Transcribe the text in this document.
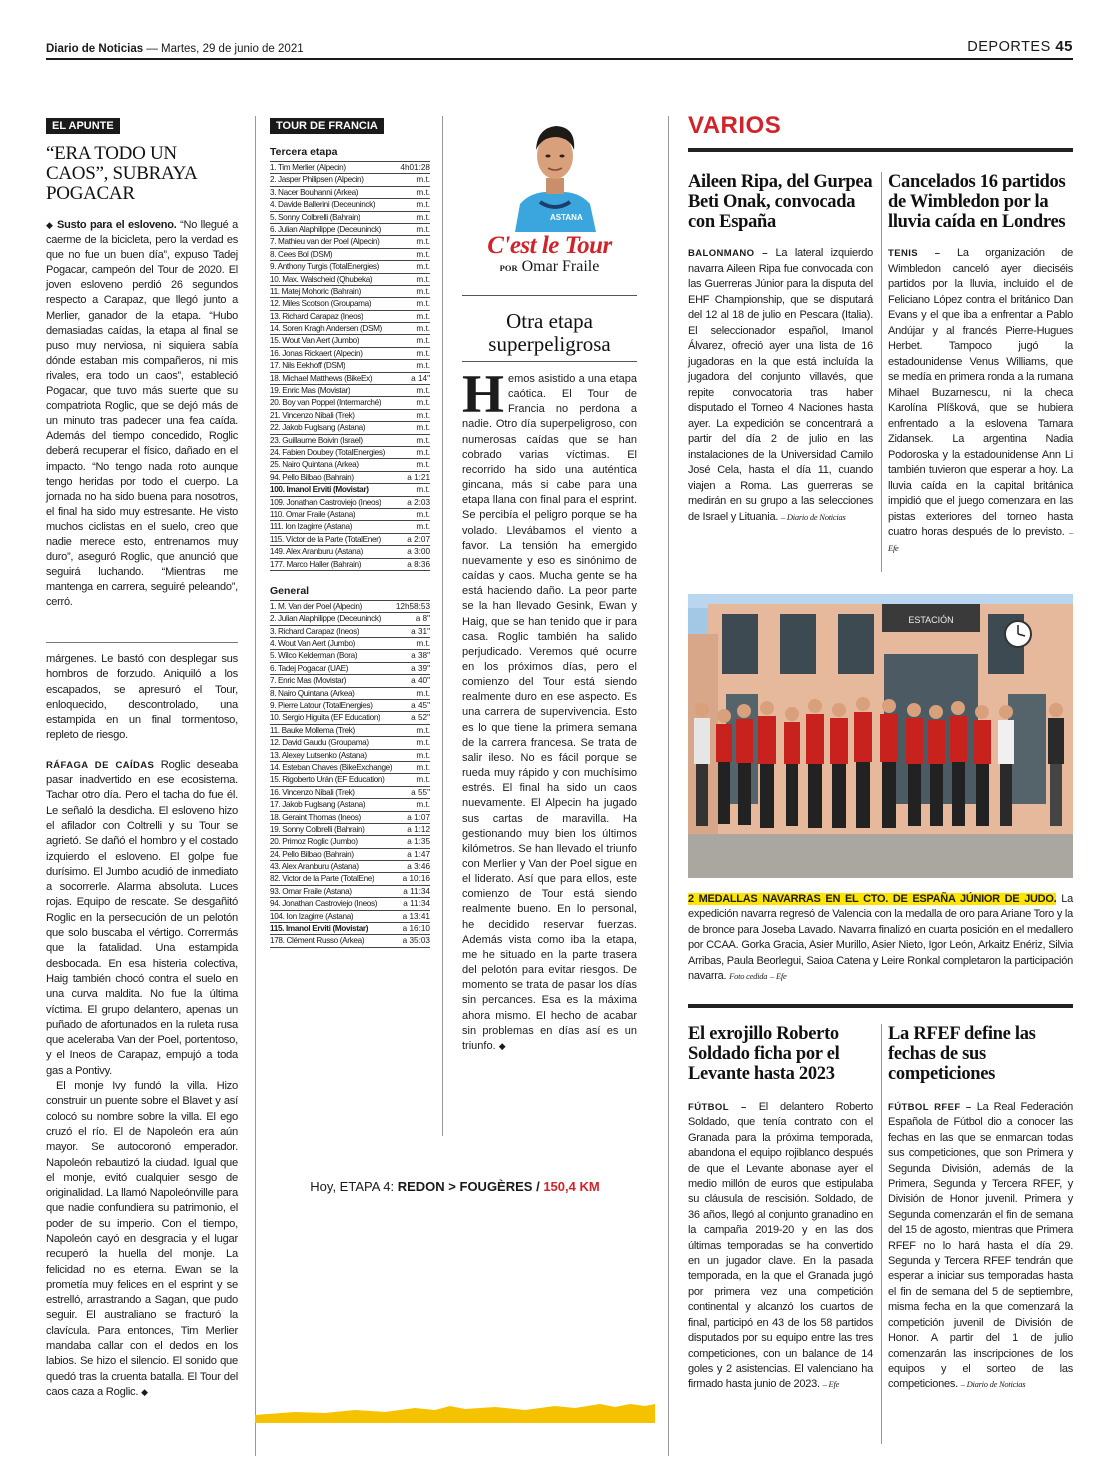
Diario de Noticias — Martes, 29 de junio de 2021	DEPORTES 45
EL APUNTE
“ERA TODO UN CAOS”, SUBRAYA POGACAR

◆ Susto para el esloveno. “No llegué a caerme de la bicicleta, pero la verdad es que no fue un buen día”, expuso Tadej Pogacar, campeón del Tour de 2020. El joven esloveno perdió 26 segundos respecto a Carapaz, que llegó junto a Merlier, ganador de la etapa. “Hubo demasiadas caídas, la etapa al final se puso muy nerviosa, ni siquiera sabía dónde estaban mis compañeros, ni mis rivales, era todo un caos”, estableció Pogacar, que tuvo más suerte que su compatriota Roglic, que se dejó más de un minuto tras padecer una fea caída. Además del tiempo concedido, Roglic deberá recuperar el físico, dañado en el impacto. “No tengo nada roto aunque tengo heridas por todo el cuerpo. La jornada no ha sido buena para nosotros, el final ha sido muy estresante. He visto muchos ciclistas en el suelo, creo que nadie merece esto, entrenamos muy duro”, aseguró Roglic, que anunció que seguirá luchando. “Mientras me mantenga en carrera, seguiré peleando”, cerró.

márgenes. Le bastó con desplegar sus hombros de forzudo. Aniquiló a los escapados, se apresuró el Tour, enloquecido, descontrolado, una estampida en un final tormentoso, repleto de riesgo.

RÁFAGA DE CAÍDAS Roglic deseaba pasar inadvertido en ese ecosistema. Tachar otro día. Pero el tacha do fue él. Le señaló la desdicha. El esloveno hizo el afilador con Coltrelli y su Tour se agrietó. Se dañó el hombro y el costado izquierdo el esloveno. El golpe fue durísimo. El Jumbo acudió de inmediato a socorrerle. Alarma absoluta. Luces rojas. Equipo de rescate. Se desgañitó Roglic en la persecución de un pelotón que solo buscaba el vértigo. Corrermás que la fatalidad. Una estampida desbocada. En esa histeria colectiva, Haig también chocó contra el suelo en una curva maldita. No fue la última víctima. El grupo delantero, apenas un puñado de afortunados en la ruleta rusa que aceleraba Van der Poel, portentoso, y el Ineos de Carapaz, empujó a toda gas a Pontivy.

El monje Ivy fundó la villa. Hizo construir un puente sobre el Blavet y así colocó su nombre sobre la villa. El ego cruzó el río. El de Napoleón era aún mayor. Se autocoronó emperador. Napoleón rebautizó la ciudad. Igual que el monje, evitó cualquier sesgo de originalidad. La llamó Napoleónville para que nadie confundiera su patrimonio, el poder de su imperio. Con el tiempo, Napoleón cayó en desgracia y el lugar recuperó la huella del monje. La felicidad no es eterna. Ewan se la prometía muy felices en el esprint y se estrelló, arrastrando a Sagan, que pudo seguir. El australiano se fracturó la clavícula. Para entonces, Tim Merlier mandaba callar con el dedos en los labios. Se hizo el silencio. El sonido que quedó tras la cruenta batalla. El Tour del caos caza a Roglic. ◆

TOUR DE FRANCIA
Tercera etapa
1. Tim Merlier (Alpecin)	4h01:28
2. Jasper Philipsen (Alpecin)	m.t.
3. Nacer Bouhanni (Arkea)	m.t.
4. Davide Ballerini (Deceuninck)	m.t.
5. Sonny Colbrelli (Bahrain)	m.t.
6. Julian Alaphilippe (Deceuninck)	m.t.
7. Mathieu van der Poel (Alpecin)	m.t.
8. Cees Bol (DSM)	m.t.
9. Anthony Turgis (TotalEnergies)	m.t.
10. Max. Walscheid (Qhubeka)	m.t.
11. Matej Mohoric (Bahrain)	m.t.
12. Miles Scotson (Groupama)	m.t.
13. Richard Carapaz (Ineos)	m.t.
14. Soren Kragh Andersen (DSM)	m.t.
15. Wout Van Aert (Jumbo)	m.t.
16. Jonas Rickaert (Alpecin)	m.t.
17. Nils Eekhoff (DSM)	m.t.
18. Michael Matthews (BikeEx)	a 14"
19. Enric Mas (Movistar)	m.t.
20. Boy van Poppel (Intermarché)	m.t.
21. Vincenzo Nibali (Trek)	m.t.
22. Jakob Fuglsang (Astana)	m.t.
23. Guillaume Boivin (Israel)	m.t.
24. Fabien Doubey (TotalEnergies)	m.t.
25. Nairo Quintana (Arkea)	m.t.
94. Pello Bilbao (Bahrain)	a 1:21
100. Imanol Erviti (Movistar)	m.t.
109. Jonathan Castroviejo (Ineos)	a 2:03
110. Omar Fraile (Astana)	m.t.
111. Ion Izagirre (Astana)	m.t.
115. Víctor de la Parte (TotalEner)	a 2:07
149. Alex Aranburu (Astana)	a 3:00
177. Marco Haller (Bahrain)	a 8:36
General
1. M. Van der Poel (Alpecin)	12h58:53
2. Julian Alaphilippe (Deceuninck)	a 8"
3. Richard Carapaz (Ineos)	a 31"
4. Wout Van Aert (Jumbo)	m.t.
5. Wilco Kelderman (Bora)	a 38"
6. Tadej Pogacar (UAE)	a 39"
7. Enric Mas (Movistar)	a 40"
8. Nairo Quintana (Arkea)	m.t.
9. Pierre Latour (TotalEnergies)	a 45"
10. Sergio Higuita (EF Education)	a 52"
11. Bauke Mollema (Trek)	m.t.
12. David Gaudu (Groupama)	m.t.
13. Alexey Lutsenko (Astana)	m.t.
14. Esteban Chaves (BikeExchange)	m.t.
15. Rigoberto Urán (EF Education)	m.t.
16. Vincenzo Nibali (Trek)	a 55"
17. Jakob Fuglsang (Astana)	m.t.
18. Geraint Thomas (Ineos)	a 1:07
19. Sonny Colbrelli (Bahrain)	a 1:12
20. Primoz Roglic (Jumbo)	a 1:35
24. Pello Bilbao (Bahrain)	a 1:47
43. Alex Aranburu (Astana)	a 3:46
82. Victor de la Parte (TotalEne)	a 10:16
93. Omar Fraile (Astana)	a 11:34
94. Jonathan Castroviejo (Ineos)	a 11:34
104. Ion Izagirre (Astana)	a 13:41
115. Imanol Erviti (Movistar)	a 16:10
178. Clément Russo (Arkea)	a 35:03
Hoy, ETAPA 4: REDON > FOUGÈRES / 150,4 KM
ASTANA
C'est le Tour
POR Omar Fraile
Otra etapa superpeligrosa

Hemos asistido a una etapa caótica. El Tour de Francia no perdona a nadie. Otro día superpeligroso, con numerosas caídas que se han cobrado varias víctimas. El recorrido ha sido una auténtica gincana, más si cabe para una etapa llana con final para el esprint. Se percibía el peligro porque se ha volado. Llevábamos el viento a favor. La tensión ha emergido nuevamente y eso es sinónimo de caídas y caos. Mucha gente se ha está haciendo daño. La peor parte se la han llevado Gesink, Ewan y Haig, que se han tenido que ir para casa. Roglic también ha salido perjudicado. Veremos qué ocurre en los próximos días, pero el comienzo del Tour está siendo realmente duro en ese aspecto. Es una carrera de supervivencia. Esto es lo que tiene la primera semana de la carrera francesa. Se trata de salir ileso. No es fácil porque se rueda muy rápido y con muchísimo estrés. El final ha sido un caos nuevamente. El Alpecin ha jugado sus cartas de maravilla. Ha gestionando muy bien los últimos kilómetros. Se han llevado el triunfo con Merlier y Van der Poel sigue en el liderato. Así que para ellos, este comienzo de Tour está siendo realmente bueno. En lo personal, he decidido reservar fuerzas. Además vista como iba la etapa, me he situado en la parte trasera del pelotón para evitar riesgos. De momento se trata de pasar los días sin percances. Esa es la máxima ahora mismo. El hecho de acabar sin problemas en días así es un triunfo. ◆

VARIOS
Aileen Ripa, del Gurpea Beti Onak, convocada con España

BALONMANO – La lateral izquierdo navarra Aileen Ripa fue convocada con las Guerreras Júnior para la disputa del EHF Championship, que se disputará del 12 al 18 de julio en Pescara (Italia). El seleccionador español, Imanol Álvarez, ofreció ayer una lista de 16 jugadoras en la que está incluída la jugadora del conjunto villavés, que repite convocatoria tras haber disputado el Torneo 4 Naciones hasta ayer. La expedición se concentrará a partir del día 2 de julio en las instalaciones de la Universidad Camilo José Cela, hasta el día 11, cuando viajen a Roma. Las guerreras se medirán en su grupo a las selecciones de Israel y Lituania. – Diario de Noticias

Cancelados 16 partidos de Wimbledon por la lluvia caída en Londres

TENIS – La organización de Wimbledon canceló ayer dieciséis partidos por la lluvia, incluido el de Feliciano López contra el británico Dan Evans y el que iba a enfrentar a Pablo Andújar y al francés Pierre-Hugues Herbet. Tampoco jugó la estadounidense Venus Williams, que se medía en primera ronda a la rumana Mihael Buzarnescu, ni la checa Karolína Plíšková, que se hubiera enfrentado a la eslovena Tamara Zidansek. La argentina Nadia Podoroska y la estadounidense Ann Li también tuvieron que esperar a hoy. La lluvia caída en la capital británica impidió que el juego comenzara en las pistas exteriores del torneo hasta cuatro horas después de lo previsto. – Efe

ESTACIÓN

2 MEDALLAS NAVARRAS EN EL CTO. DE ESPAÑA JÚNIOR DE JUDO. La expedición navarra regresó de Valencia con la medalla de oro para Ariane Toro y la de bronce para Joseba Lavado. Navarra finalizó en cuarta posición en el medallero por CCAA. Gorka Gracia, Asier Murillo, Asier Nieto, Igor León, Arkaitz Enériz, Silvia Arribas, Paula Beorlegui, Saioa Catena y Leire Ronkal completaron la participación navarra. Foto cedida – Efe

El exrojillo Roberto Soldado ficha por el Levante hasta 2023

FÚTBOL – El delantero Roberto Soldado, que tenía contrato con el Granada para la próxima temporada, abandona el equipo rojiblanco después de que el Levante abonase ayer el medio millón de euros que estipulaba su cláusula de rescisión. Soldado, de 36 años, llegó al conjunto granadino en la campaña 2019-20 y en las dos últimas temporadas se ha convertido en un jugador clave. En la pasada temporada, en la que el Granada jugó por primera vez una competición continental y alcanzó los cuartos de final, participó en 43 de los 58 partidos disputados por su equipo entre las tres competiciones, con un balance de 14 goles y 2 asistencias. El valenciano ha firmado hasta junio de 2023. – Efe

La RFEF define las fechas de sus competiciones

FÚTBOL RFEF – La Real Federación Española de Fútbol dio a conocer las fechas en las que se enmarcan todas sus competiciones, que son Primera y Segunda División, además de la Primera, Segunda y Tercera RFEF, y División de Honor juvenil. Primera y Segunda comenzarán el fin de semana del 15 de agosto, mientras que Primera RFEF no lo hará hasta el día 29. Segunda y Tercera RFEF tendrán que esperar a iniciar sus temporadas hasta el fin de semana del 5 de septiembre, misma fecha en la que comenzará la competición juvenil de División de Honor. A partir del 1 de julio comenzarán las inscripciones de los equipos y el sorteo de las competiciones. – Diario de Noticias
